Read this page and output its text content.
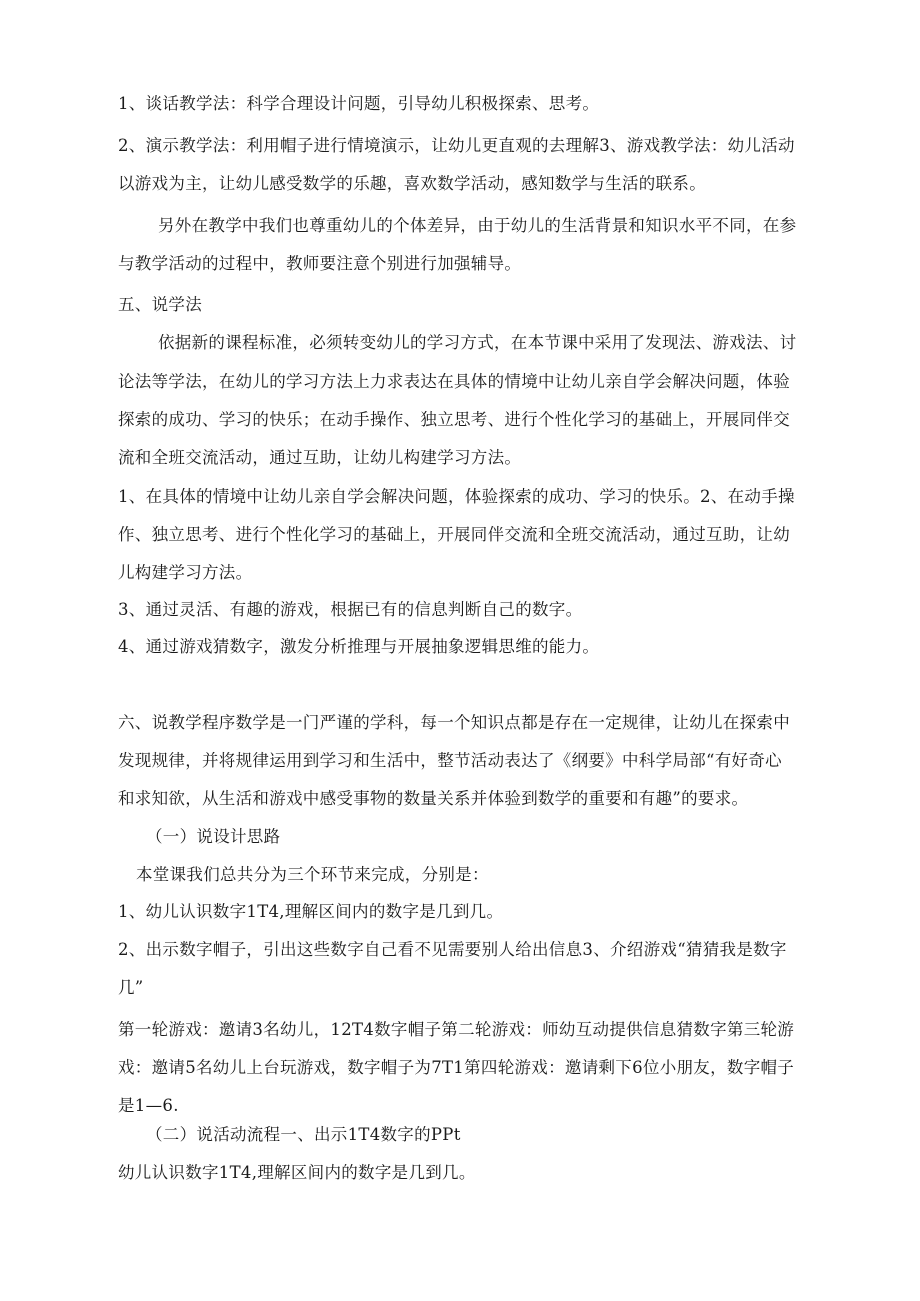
1、谈话教学法：科学合理设计问题，引导幼儿积极探索、思考。
2、演示教学法：利用帽子进行情境演示，让幼儿更直观的去理解3、游戏教学法：幼儿活动
以游戏为主，让幼儿感受数学的乐趣，喜欢数学活动，感知数学与生活的联系。
另外在教学中我们也尊重幼儿的个体差异，由于幼儿的生活背景和知识水平不同，在参
与教学活动的过程中，教师要注意个别进行加强辅导。
五、说学法
依据新的课程标准，必须转变幼儿的学习方式，在本节课中采用了发现法、游戏法、讨
论法等学法，在幼儿的学习方法上力求表达在具体的情境中让幼儿亲自学会解决问题，体验
探索的成功、学习的快乐；在动手操作、独立思考、进行个性化学习的基础上，开展同伴交
流和全班交流活动，通过互助，让幼儿构建学习方法。
1、在具体的情境中让幼儿亲自学会解决问题，体验探索的成功、学习的快乐。2、在动手操
作、独立思考、进行个性化学习的基础上，开展同伴交流和全班交流活动，通过互助，让幼
儿构建学习方法。
3、通过灵活、有趣的游戏，根据已有的信息判断自己的数字。
4、通过游戏猜数字，激发分析推理与开展抽象逻辑思维的能力。
六、说教学程序数学是一门严谨的学科，每一个知识点都是存在一定规律，让幼儿在探索中
发现规律，并将规律运用到学习和生活中，整节活动表达了《纲要》中科学局部“有好奇心
和求知欲，从生活和游戏中感受事物的数量关系并体验到数学的重要和有趣”的要求。
（一）说设计思路
本堂课我们总共分为三个环节来完成，分别是：
1、幼儿认识数字1T4,理解区间内的数字是几到几。
2、出示数字帽子，引出这些数字自己看不见需要别人给出信息3、介绍游戏“猜猜我是数字
几”
第一轮游戏：邀请3名幼儿，12T4数字帽子第二轮游戏：师幼互动提供信息猜数字第三轮游
戏：邀请5名幼儿上台玩游戏，数字帽子为7T1第四轮游戏：邀请剩下6位小朋友，数字帽子
是1—6.
（二）说活动流程一、出示1T4数字的PPt
幼儿认识数字1T4,理解区间内的数字是几到几。
